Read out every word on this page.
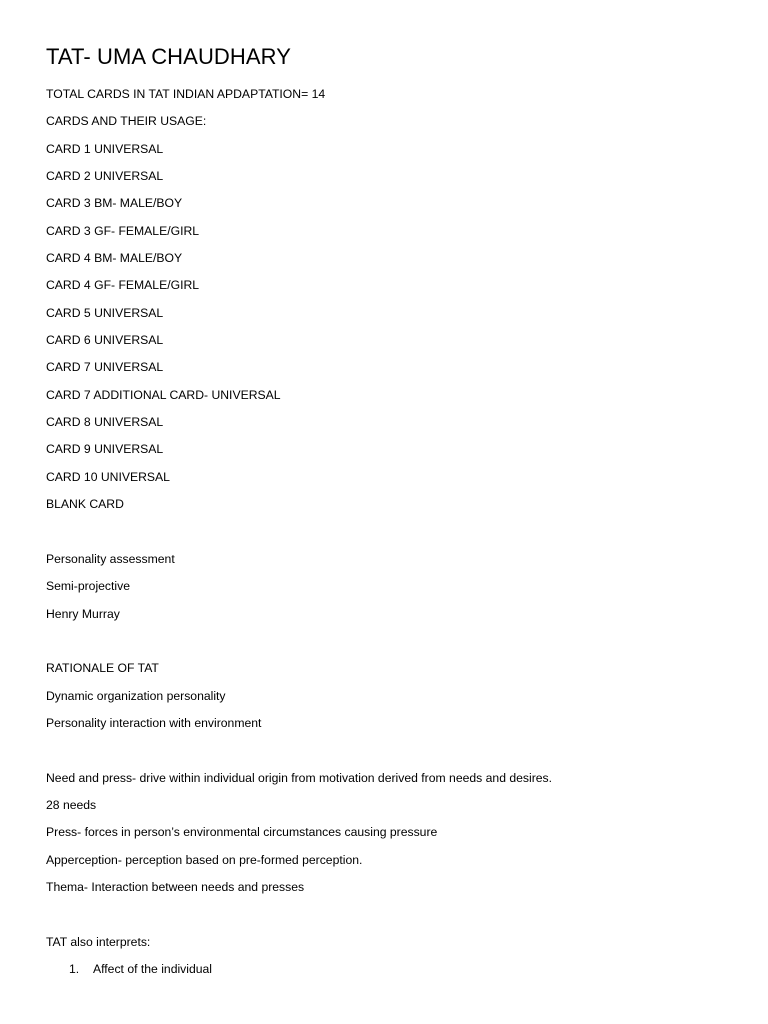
TAT- UMA CHAUDHARY
TOTAL CARDS IN TAT INDIAN APDAPTATION= 14
CARDS AND THEIR USAGE:
CARD 1 UNIVERSAL
CARD 2 UNIVERSAL
CARD 3 BM- MALE/BOY
CARD 3 GF- FEMALE/GIRL
CARD 4 BM- MALE/BOY
CARD 4 GF- FEMALE/GIRL
CARD 5 UNIVERSAL
CARD 6 UNIVERSAL
CARD 7 UNIVERSAL
CARD 7 ADDITIONAL CARD- UNIVERSAL
CARD 8 UNIVERSAL
CARD 9 UNIVERSAL
CARD 10 UNIVERSAL
BLANK CARD
Personality assessment
Semi-projective
Henry Murray
RATIONALE OF TAT
Dynamic organization personality
Personality interaction with environment
Need and press- drive within individual origin from motivation derived from needs and desires.
28 needs
Press- forces in person’s environmental circumstances causing pressure
Apperception- perception based on pre-formed perception.
Thema- Interaction between needs and presses
TAT also interprets:
1. Affect of the individual
